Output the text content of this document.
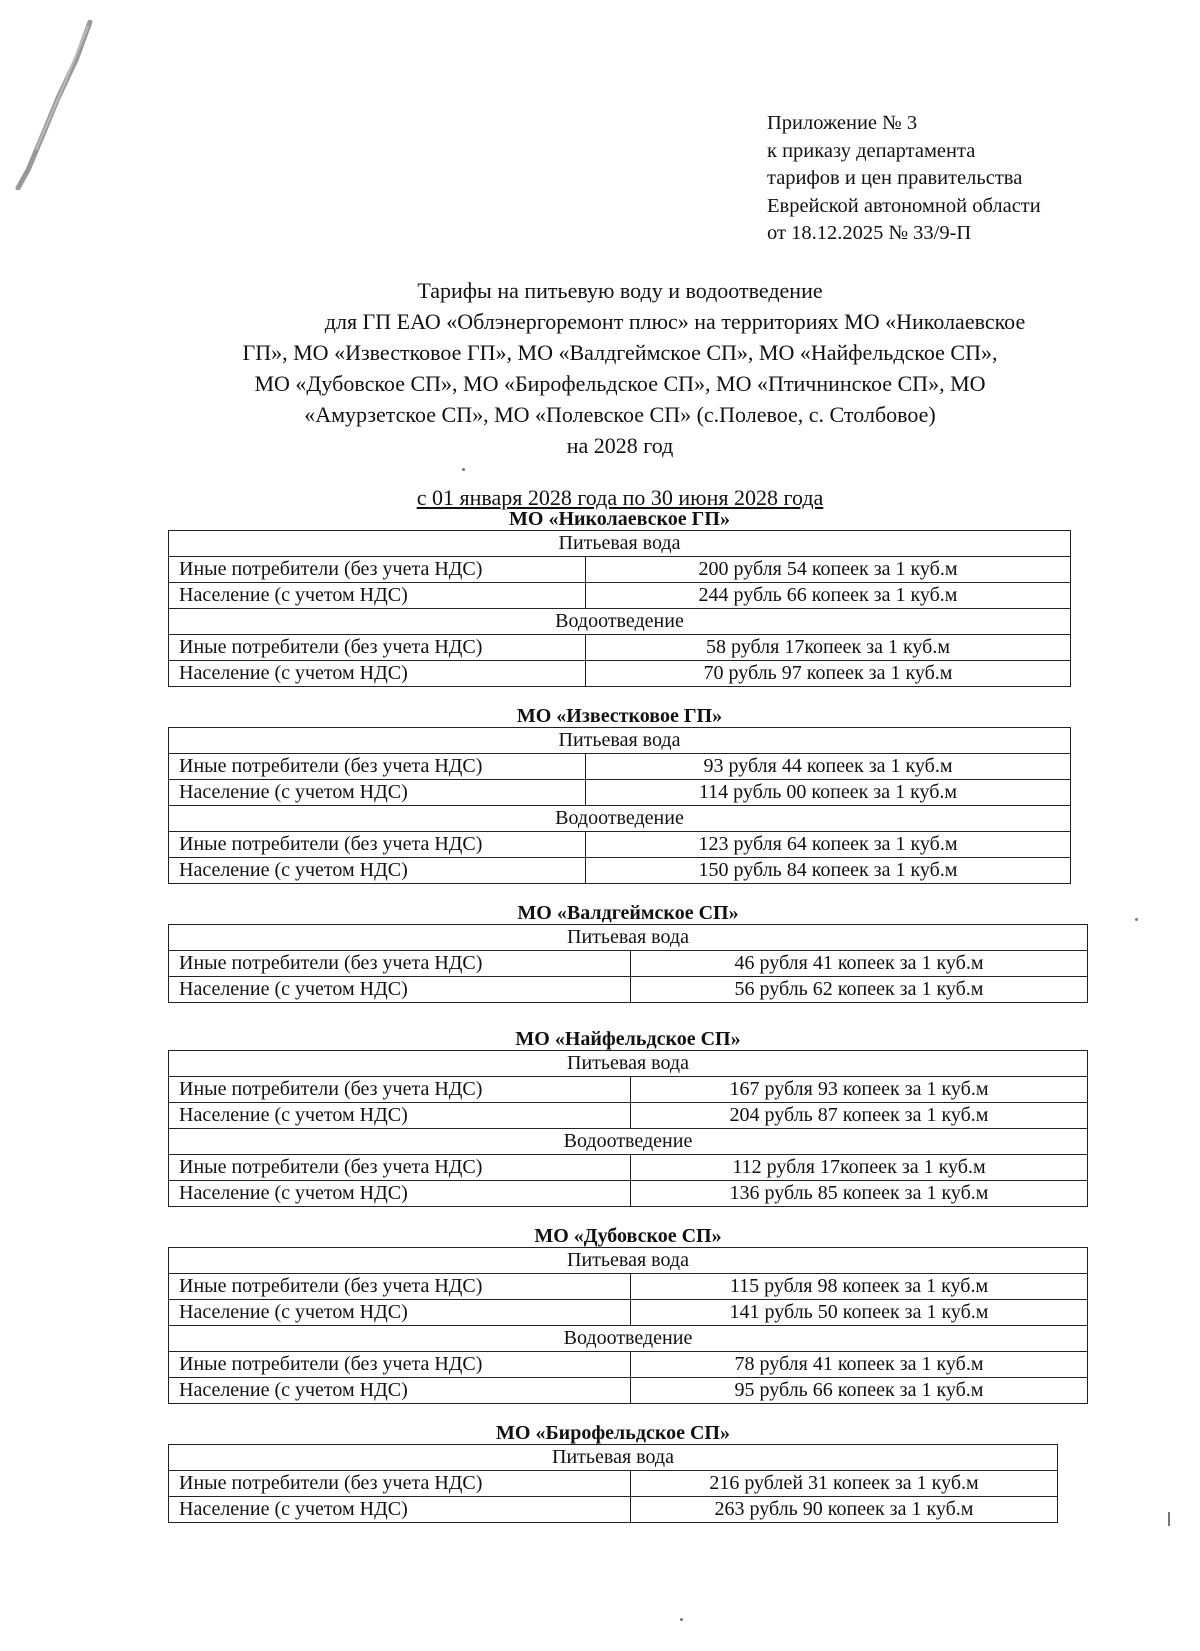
Приложение № 3
к приказу департамента
тарифов и цен правительства
Еврейской автономной области
от 18.12.2025 № 33/9-П
Тарифы на питьевую воду и водоотведение
для ГП ЕАО «Облэнергоремонт плюс» на территориях МО «Николаевское
ГП», МО «Известковое ГП», МО «Валдгеймское СП», МО «Найфельдское СП»,
МО «Дубовское СП», МО «Бирофельдское СП», МО «Птичнинское СП», МО
«Амурзетское СП», МО «Полевское СП» (с.Полевое, с. Столбовое)
на 2028 год
с 01 января 2028 года по 30 июня 2028 года
МО «Николаевское ГП»
Питьевая вода	
Иные потребители (без учета НДС)	200 рубля 54 копеек за 1 куб.м
Население (с учетом НДС)	244 рубль 66 копеек за 1 куб.м
Водоотведение	
Иные потребители (без учета НДС)	58 рубля 17копеек за 1 куб.м
Население (с учетом НДС)	70 рубль 97 копеек за 1 куб.м
МО «Известковое ГП»
Питьевая вода	
Иные потребители (без учета НДС)	93 рубля 44 копеек за 1 куб.м
Население (с учетом НДС)	114 рубль 00 копеек за 1 куб.м
Водоотведение	
Иные потребители (без учета НДС)	123 рубля 64 копеек за 1 куб.м
Население (с учетом НДС)	150 рубль 84 копеек за 1 куб.м
МО «Валдгеймское СП»
Питьевая вода	
Иные потребители (без учета НДС)	46 рубля 41 копеек за 1 куб.м
Население (с учетом НДС)	56 рубль 62 копеек за 1 куб.м
МО «Найфельдское СП»
Питьевая вода	
Иные потребители (без учета НДС)	167 рубля 93 копеек за 1 куб.м
Население (с учетом НДС)	204 рубль 87 копеек за 1 куб.м
Водоотведение	
Иные потребители (без учета НДС)	112 рубля 17копеек за 1 куб.м
Население (с учетом НДС)	136 рубль 85 копеек за 1 куб.м
МО «Дубовское СП»
Питьевая вода	
Иные потребители (без учета НДС)	115 рубля 98 копеек за 1 куб.м
Население (с учетом НДС)	141 рубль 50 копеек за 1 куб.м
Водоотведение	
Иные потребители (без учета НДС)	78 рубля 41 копеек за 1 куб.м
Население (с учетом НДС)	95 рубль 66 копеек за 1 куб.м
МО «Бирофельдское СП»
Питьевая вода	
Иные потребители (без учета НДС)	216 рублей 31 копеек за 1 куб.м
Население (с учетом НДС)	263 рубль 90 копеек за 1 куб.м
